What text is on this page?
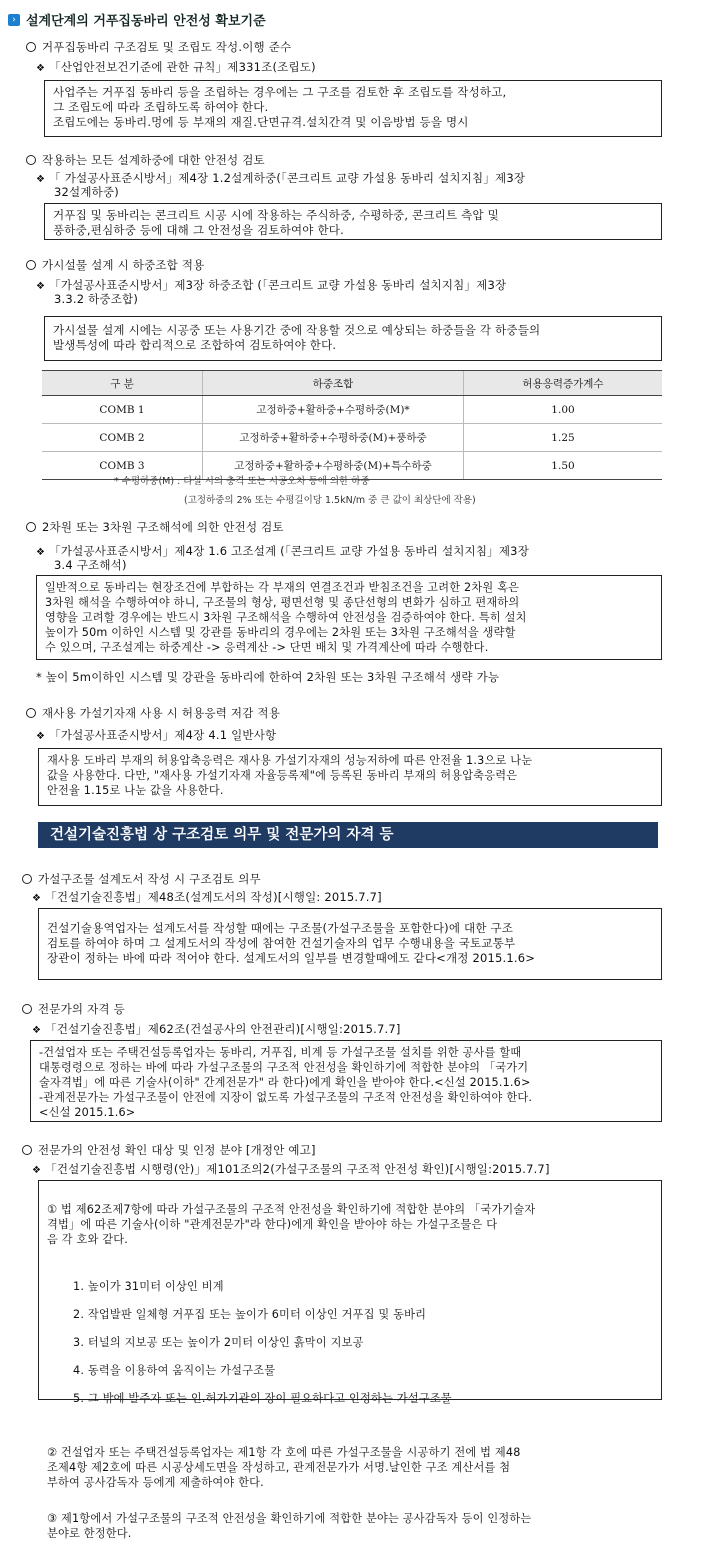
› 설계단계의 거푸집동바리 안전성 확보기준
거푸집동바리 구조검토 및 조립도 작성.이행 준수
❖ 「산업안전보건기준에 관한 규칙」제331조(조립도)
사업주는 거푸집 동바리 등을 조립하는 경우에는 그 구조를 검토한 후 조립도를 작성하고,
그 조립도에 따라 조립하도록 하여야 한다.
조립도에는 동바리.멍에 등 부재의 재질.단면규격.설치간격 및 이음방법 등을 명시
작용하는 모든 설계하중에 대한 안전성 검토
❖ 「 가설공사표준시방서」제4장 1.2설계하중(「콘크리트 교량 가설용 동바리 설치지침」제3장
32설계하중)
거푸집 및 동바리는 콘크리트 시공 시에 작용하는 주식하중, 수평하중, 콘크리트 측압 및
풍하중,편심하중 등에 대해 그 안전성을 검토하여야 한다.
가시설물 설계 시 하중조합 적용
❖ 「가설공사표준시방서」제3장 하중조합 (「콘크리트 교량 가설용 동바리 설치지침」제3장
3.3.2 하중조합)
가시설물 설계 시에는 시공중 또는 사용기간 중에 작용할 것으로 예상되는 하중들을 각 하중들의
발생특성에 따라 합리적으로 조합하여 검토하여야 한다.
구 분	하중조합	허용응력증가계수
COMB 1	고정하중+활하중+수평하중(M)*	1.00
COMB 2	고정하중+활하중+수평하중(M)+풍하중	1.25
COMB 3	고정하중+활하중+수평하중(M)+특수하중	1.50
* 수평하중(M) : 타설 시의 충격 또는 시공오차 등에 의한 하중
(고정하중의 2% 또는 수평길이당 1.5kN/m 중 큰 값이 최상단에 작용)
2차원 또는 3차원 구조해석에 의한 안전성 검토
❖ 「가설공사표준시방서」제4장 1.6 고조설계 (「콘크리트 교량 가설용 동바리 설치지침」제3장
3.4 구조해석)
일반적으로 동바리는 현장조건에 부합하는 각 부재의 연결조건과 받침조건을 고려한 2차원 혹은
3차원 해석을 수행하여야 하니, 구조물의 형상, 평면선형 및 종단선형의 변화가 심하고 편재하의
영향을 고려할 경우에는 반드시 3차원 구조해석을 수행하여 안전성을 검증하여야 한다. 특히 설치
높이가 50m 이하인 시스템 및 강관를 동바리의 경우에는 2차원 또는 3차원 구조해석을 생략할
수 있으며, 구조설계는 하중계산 -> 응력계산 -> 단면 배치 및 가격계산에 따라 수행한다.
* 높이 5m이하인 시스템 및 강관을 동바리에 한하여 2차원 또는 3차원 구조해석 생략 가능
재사용 가설기자재 사용 시 허용응력 저감 적용
❖ 「가설공사표준시방서」제4장 4.1 일반사항
재사용 도바리 부재의 허용압축응력은 재사용 가설기자재의 성능저하에 따른 안전율 1.3으로 나눈
값을 사용한다. 다만, "재사용 가설기자재 자율등록제"에 등록된 동바리 부재의 허용압축응력은
안전율 1.15로 나눈 값을 사용한다.
건설기술진흥법 상 구조검토 의무 및 전문가의 자격 등
가설구조물 설계도서 작성 시 구조검토 의무
❖ 「건설기술진흥법」제48조(설계도서의 작성)[시행일: 2015.7.7]
건설기술용역업자는 설계도서를 작성할 때에는 구조물(가설구조물을 포함한다)에 대한 구조
검토를 하여야 하며 그 설계도서의 작성에 참여한 건설기술자의 업무 수행내용을 국토교통부
장관이 정하는 바에 따라 적어야 한다. 설계도서의 일부를 변경할때에도 같다<개정 2015.1.6>
전문가의 자격 등
❖ 「건설기술진흥법」제62조(건설공사의 안전관리)[시행일:2015.7.7]
-건설업자 또는 주택건설등록업자는 동바리, 거푸집, 비계 등 가설구조물 설치를 위한 공사를 할때
대통령령으로 정하는 바에 따라 가설구조물의 구조적 안전성을 확인하기에 적합한 분야의 「국가기
술자격법」에 따른 기술사(이하" 간계전문가" 라 한다)에게 확인을 받아야 한다.<신설 2015.1.6>
-관계전문가는 가설구조물이 안전에 지장이 없도록 가설구조물의 구조적 안전성을 확인하여야 한다.
<신설 2015.1.6>
전문가의 안전성 확인 대상 및 인정 분야 [개정안 예고]
❖ 「건설기술진흥법 시행령(안)」제101조의2(가설구조물의 구조적 안전성 확인)[시행일:2015.7.7]

① 법 제62조제7항에 따라 가설구조물의 구조적 안전성을 확인하기에 적합한 분야의 「국가기술자
격법」에 따른 기술사(이하 "관계전문가"라 한다)에게 확인을 받아야 하는 가설구조물은 다
음 각 호와 같다.

1. 높이가 31미터 이상인 비계

2. 작업발판 일체형 거푸집 또는 높이가 6미터 이상인 거푸집 및 동바리

3. 터널의 지보공 또는 높이가 2미터 이상인 흙막이 지보공

4. 동력을 이용하여 움직이는 가설구조물

5. 그 밖에 발주자 또는 인.허가기관의 장이 필요하다고 인정하는 가설구조물

② 건설업자 또는 주택건설등록업자는 제1항 각 호에 따른 가설구조물을 시공하기 전에 법 제48
조제4항 제2호에 따른 시공상세도면을 작성하고, 관계전문가가 서명.날인한 구조 계산서를 첨
부하여 공사감독자 등에게 제출하여야 한다.

③ 제1항에서 가설구조물의 구조적 안전성을 확인하기에 적합한 분야는 공사감독자 등이 인정하는
분야로 한정한다.
